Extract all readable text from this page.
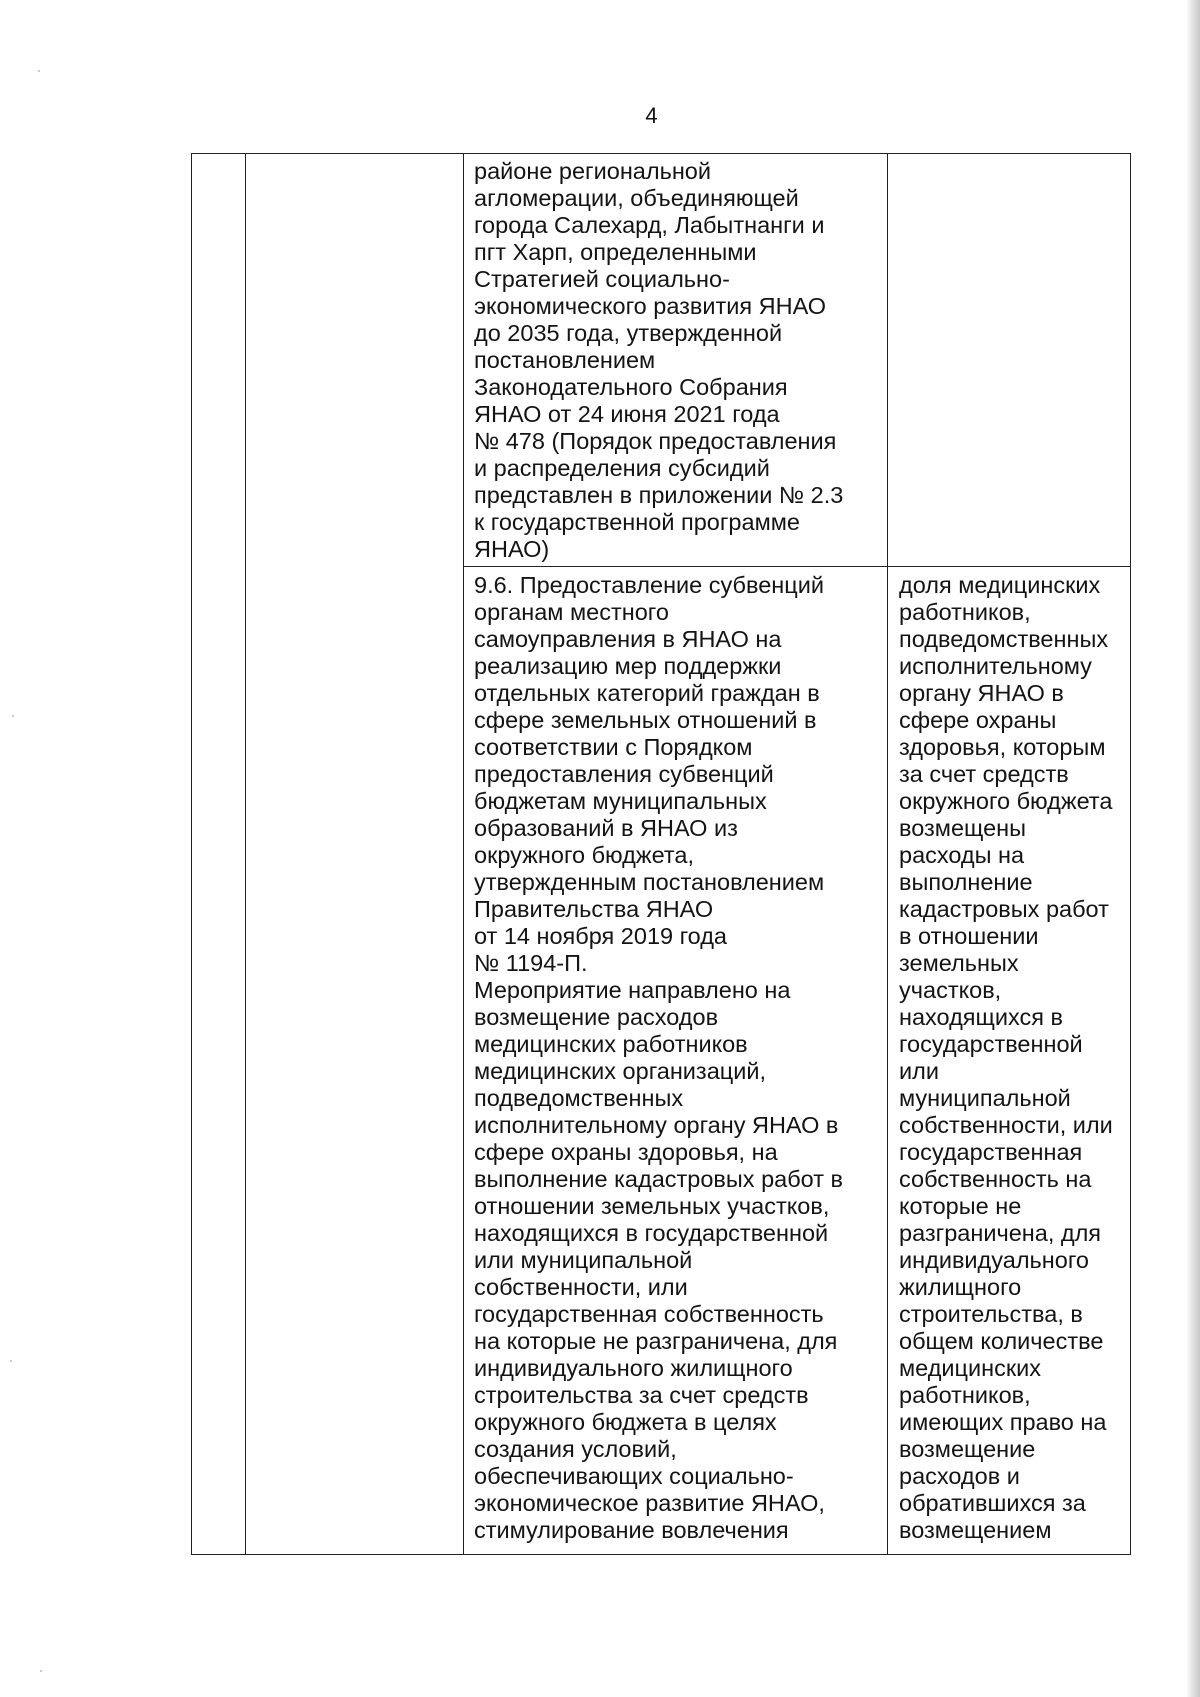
4
районе региональной
агломерации, объединяющей
города Салехард, Лабытнанги и
пгт Харп, определенными
Стратегией социально-
экономического развития ЯНАО
до 2035 года, утвержденной
постановлением
Законодательного Собрания
ЯНАО от 24 июня 2021 года
№ 478 (Порядок предоставления
и распределения субсидий
представлен в приложении № 2.3
к государственной программе
ЯНАО)
9.6. Предоставление субвенций
органам местного
самоуправления в ЯНАО на
реализацию мер поддержки
отдельных категорий граждан в
сфере земельных отношений в
соответствии с Порядком
предоставления субвенций
бюджетам муниципальных
образований в ЯНАО из
окружного бюджета,
утвержденным постановлением
Правительства ЯНАО
от 14 ноября 2019 года
№ 1194-П.
Мероприятие направлено на
возмещение расходов
медицинских работников
медицинских организаций,
подведомственных
исполнительному органу ЯНАО в
сфере охраны здоровья, на
выполнение кадастровых работ в
отношении земельных участков,
находящихся в государственной
или муниципальной
собственности, или
государственная собственность
на которые не разграничена, для
индивидуального жилищного
строительства за счет средств
окружного бюджета в целях
создания условий,
обеспечивающих социально-
экономическое развитие ЯНАО,
стимулирование вовлечения
доля медицинских
работников,
подведомственных
исполнительному
органу ЯНАО в
сфере охраны
здоровья, которым
за счет средств
окружного бюджета
возмещены
расходы на
выполнение
кадастровых работ
в отношении
земельных
участков,
находящихся в
государственной
или
муниципальной
собственности, или
государственная
собственность на
которые не
разграничена, для
индивидуального
жилищного
строительства, в
общем количестве
медицинских
работников,
имеющих право на
возмещение
расходов и
обратившихся за
возмещением
